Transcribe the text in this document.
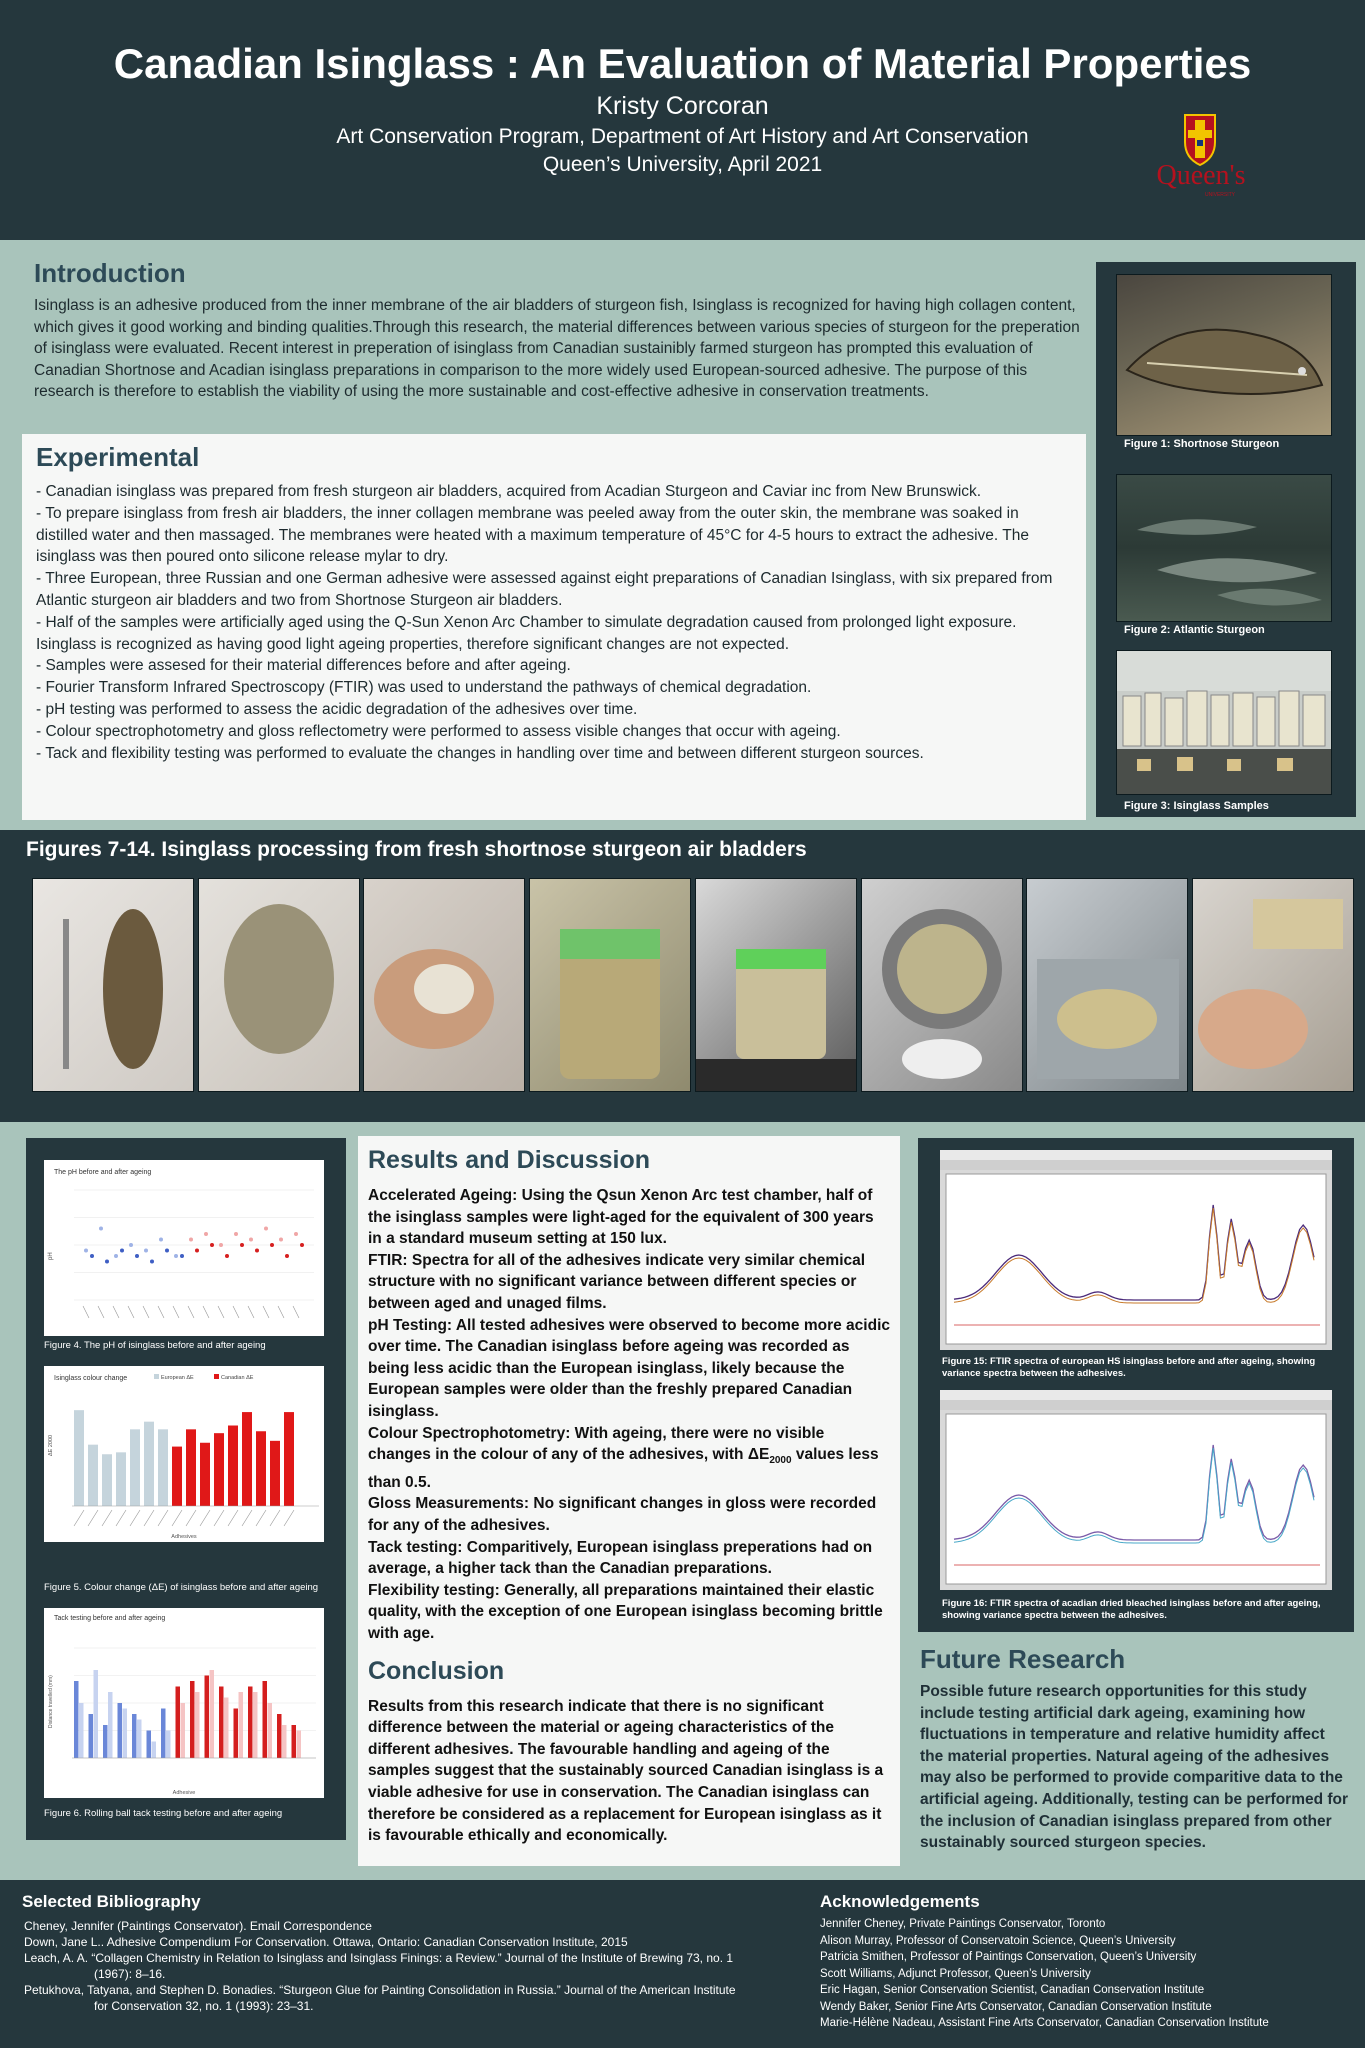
Canadian Isinglass : An Evaluation of Material Properties
Kristy Corcoran
Art Conservation Program, Department of Art History and Art Conservation
Queen’s University, April 2021	Queen's
UNIVERSITY
Introduction
Isinglass is an adhesive produced from the inner membrane of the air bladders of sturgeon fish, Isinglass is recognized for having high collagen content, which gives it good working and binding qualities.Through this research, the material differences between various species of sturgeon for the preperation of isinglass were evaluated. Recent interest in preperation of isinglass from Canadian sustainibly farmed sturgeon has prompted this evaluation of Canadian Shortnose and Acadian isinglass preparations in comparison to the more widely used European-sourced adhesive. The purpose of this research is therefore to establish the viability of using the more sustainable and cost-effective adhesive in conservation treatments.
Figure 1: Shortnose Sturgeon
Figure 2: Atlantic Sturgeon
Figure 3: Isinglass Samples
Experimental
- Canadian isinglass was prepared from fresh sturgeon air bladders, acquired from Acadian Sturgeon and Caviar inc from New Brunswick.
- To prepare isinglass from fresh air bladders, the inner collagen membrane was peeled away from the outer skin, the membrane was soaked in distilled water and then massaged. The membranes were heated with a maximum temperature of 45°C for 4-5 hours to extract the adhesive. The isinglass was then poured onto silicone release mylar to dry.
- Three European, three Russian and one German adhesive were assessed against eight preparations of Canadian Isinglass, with six prepared from Atlantic sturgeon air bladders and two from Shortnose Sturgeon air bladders.
- Half of the samples were artificially aged using the Q-Sun Xenon Arc Chamber to simulate degradation caused from prolonged light exposure. Isinglass is recognized as having good light ageing properties, therefore significant changes are not expected.
- Samples were assesed for their material differences before and after ageing.
- Fourier Transform Infrared Spectroscopy (FTIR) was used to understand the pathways of chemical degradation.
- pH testing was performed to assess the acidic degradation of the adhesives over time.
- Colour spectrophotometry and gloss reflectometry were performed to assess visible changes that occur with ageing.
- Tack and flexibility testing was performed to evaluate the changes in handling over time and between different sturgeon sources.
Figures 7-14. Isinglass processing from fresh shortnose sturgeon air bladders
The pH before and after ageing
pH
Figure 4. The pH of isinglass before and after ageing
Isinglass colour change	European ΔE	Canadian ΔE
ΔE 2000
Adhesives
Figure 5. Colour change (ΔE) of isinglass before and after ageing
Tack testing before and after ageing
Distance travelled (mm)
Adhesive
Figure 6. Rolling ball tack testing before and after ageing
Results and Discussion
Accelerated Ageing: Using the Qsun Xenon Arc test chamber, half of the isinglass samples were light-aged for the equivalent of 300 years in a standard museum setting at 150 lux.
FTIR: Spectra for all of the adhesives indicate very similar chemical structure with no significant variance between different species or between aged and unaged films.
pH Testing: All tested adhesives were observed to become more acidic over time. The Canadian isinglass before ageing was recorded as being less acidic than the European isinglass, likely because the European samples were older than the freshly prepared Canadian isinglass.
Colour Spectrophotometry: With ageing, there were no visible changes in the colour of any of the adhesives, with $\Delta E_{2000}$ values less than 0.5.
Gloss Measurements: No significant changes in gloss were recorded for any of the adhesives.
Tack testing: Comparitively, European isinglass preperations had on average, a higher tack than the Canadian preparations.
Flexibility testing: Generally, all preparations maintained their elastic quality, with the exception of one European isinglass becoming brittle with age.
Conclusion
Results from this research indicate that there is no significant difference between the material or ageing characteristics of the different adhesives. The favourable handling and ageing of the samples suggest that the sustainably sourced Canadian isinglass is a viable adhesive for use in conservation. The Canadian isinglass can therefore be considered as a replacement for European isinglass as it is favourable ethically and economically.
Figure 15: FTIR spectra of european HS isinglass before and after ageing, showing variance spectra between the adhesives.
Figure 16: FTIR spectra of acadian dried bleached isinglass before and after ageing, showing variance spectra between the adhesives.
Future Research
Possible future research opportunities for this study include testing artificial dark ageing, examining how fluctuations in temperature and relative humidity affect the material properties. Natural ageing of the adhesives may also be performed to provide comparitive data to the artificial ageing. Additionally, testing can be performed for the inclusion of Canadian isinglass prepared from other sustainably sourced sturgeon species.
Selected Bibliography
Cheney, Jennifer (Paintings Conservator). Email Correspondence
Down, Jane L.. Adhesive Compendium For Conservation. Ottawa, Ontario: Canadian Conservation Institute, 2015
Leach, A. A. “Collagen Chemistry in Relation to Isinglass and Isinglass Finings: a Review.” Journal of the Institute of Brewing 73, no. 1 (1967): 8–16.
Petukhova, Tatyana, and Stephen D. Bonadies. “Sturgeon Glue for Painting Consolidation in Russia.” Journal of the American Institute for Conservation 32, no. 1 (1993): 23–31.
Acknowledgements
Jennifer Cheney, Private Paintings Conservator, Toronto
Alison Murray, Professor of Conservatoin Science, Queen’s University
Patricia Smithen, Professor of Paintings Conservation, Queen’s University
Scott Williams, Adjunct Professor, Queen’s University
Eric Hagan, Senior Conservation Scientist, Canadian Conservation Institute
Wendy Baker, Senior Fine Arts Conservator, Canadian Conservation Institute
Marie-Hélène Nadeau, Assistant Fine Arts Conservator, Canadian Conservation Institute
